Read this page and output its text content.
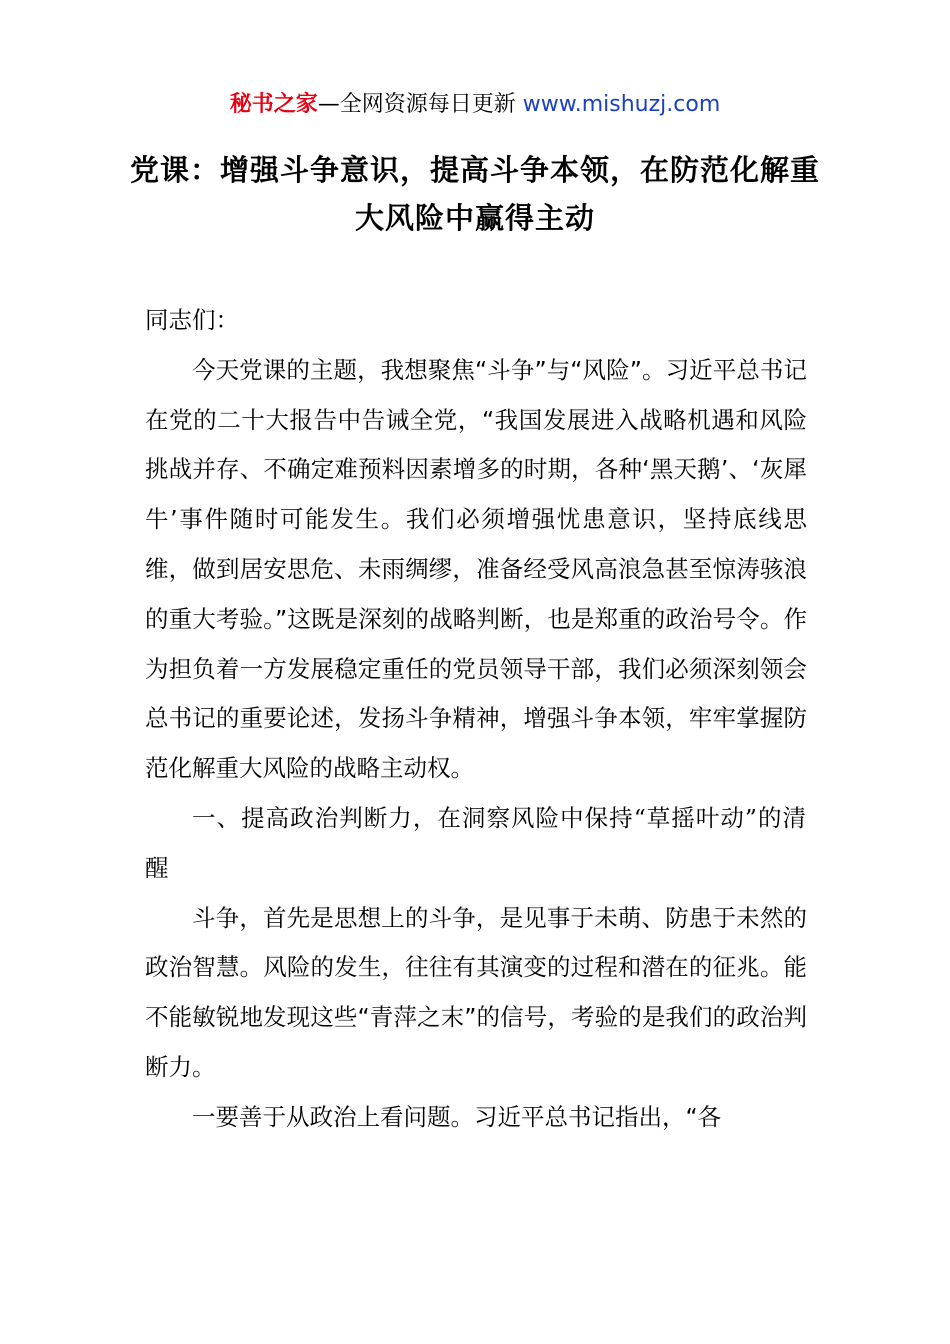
秘书之家—全网资源每日更新 www.mishuzj.com
党课：增强斗争意识，提高斗争本领，在防范化解重大风险中赢得主动

同志们：

今天党课的主题，我想聚焦“斗争”与“风险”。习近平总书记在党的二十大报告中告诫全党，“我国发展进入战略机遇和风险挑战并存、不确定难预料因素增多的时期，各种‘黑天鹅’、‘灰犀牛’事件随时可能发生。我们必须增强忧患意识，坚持底线思维，做到居安思危、未雨绸缪，准备经受风高浪急甚至惊涛骇浪的重大考验。”这既是深刻的战略判断，也是郑重的政治号令。作为担负着一方发展稳定重任的党员领导干部，我们必须深刻领会总书记的重要论述，发扬斗争精神，增强斗争本领，牢牢掌握防范化解重大风险的战略主动权。

一、提高政治判断力，在洞察风险中保持“草摇叶动”的清醒

斗争，首先是思想上的斗争，是见事于未萌、防患于未然的政治智慧。风险的发生，往往有其演变的过程和潜在的征兆。能不能敏锐地发现这些“青萍之末”的信号，考验的是我们的政治判断力。

一要善于从政治上看问题。习近平总书记指出，“各
